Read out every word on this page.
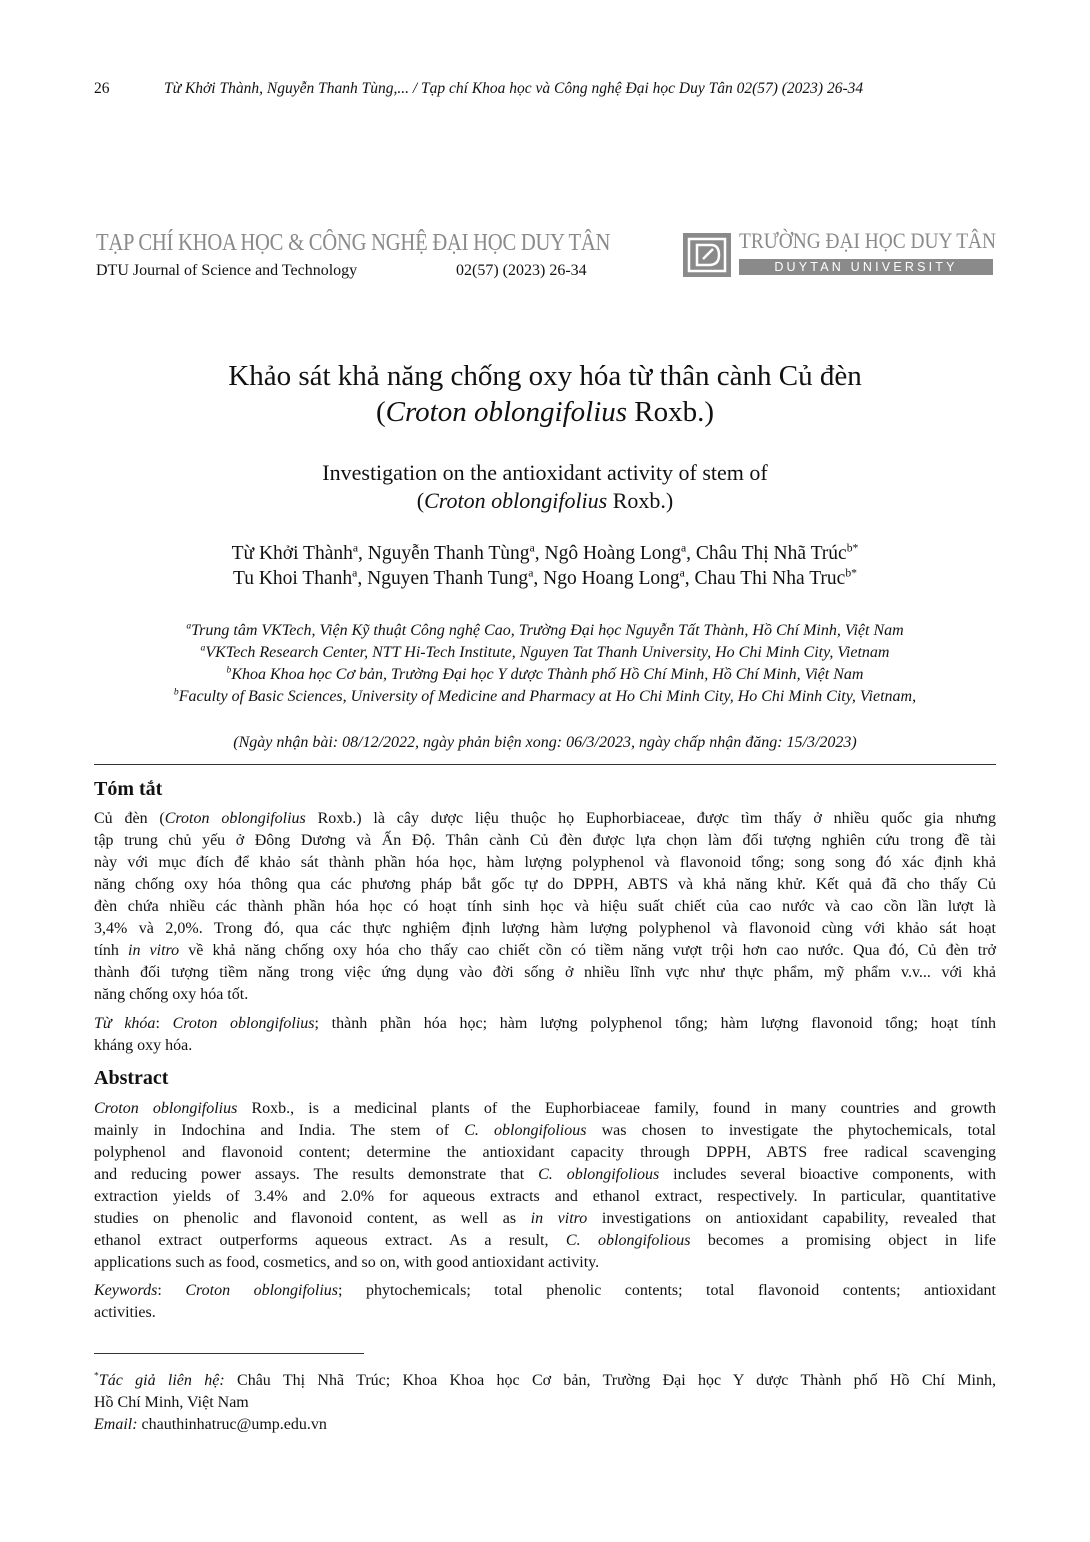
26	Từ Khởi Thành, Nguyễn Thanh Tùng,... / Tạp chí Khoa học và Công nghệ Đại học Duy Tân 02(57) (2023) 26-34
TẠP CHÍ KHOA HỌC & CÔNG NGHỆ ĐẠI HỌC DUY TÂN
DTU Journal of Science and Technology	02(57) (2023) 26-34
TRƯỜNG ĐẠI HỌC DUY TÂN
DUYTAN UNIVERSITY
Khảo sát khả năng chống oxy hóa từ thân cành Củ đèn
(Croton oblongifolius Roxb.)
Investigation on the antioxidant activity of stem of
(Croton oblongifolius Roxb.)
Từ Khởi Thành$^a$, Nguyễn Thanh Tùng$^a$, Ngô Hoàng Long$^a$, Châu Thị Nhã Trúc$^{b*}$
Tu Khoi Thanh$^a$, Nguyen Thanh Tung$^a$, Ngo Hoang Long$^a$, Chau Thi Nha Truc$^{b*}$
$^a$Trung tâm VKTech, Viện Kỹ thuật Công nghệ Cao, Trường Đại học Nguyễn Tất Thành, Hồ Chí Minh, Việt Nam
$^a$VKTech Research Center, NTT Hi-Tech Institute, Nguyen Tat Thanh University, Ho Chi Minh City, Vietnam
$^b$Khoa Khoa học Cơ bản, Trường Đại học Y dược Thành phố Hồ Chí Minh, Hồ Chí Minh, Việt Nam
$^b$Faculty of Basic Sciences, University of Medicine and Pharmacy at Ho Chi Minh City, Ho Chi Minh City, Vietnam,
(Ngày nhận bài: 08/12/2022, ngày phản biện xong: 06/3/2023, ngày chấp nhận đăng: 15/3/2023)
Tóm tắt
Củ đèn (Croton oblongifolius Roxb.) là cây dược liệu thuộc họ Euphorbiaceae, được tìm thấy ở nhiều quốc gia nhưng
tập trung chủ yếu ở Đông Dương và Ấn Độ. Thân cành Củ đèn được lựa chọn làm đối tượng nghiên cứu trong đề tài
này với mục đích để khảo sát thành phần hóa học, hàm lượng polyphenol và flavonoid tổng; song song đó xác định khả
năng chống oxy hóa thông qua các phương pháp bắt gốc tự do DPPH, ABTS và khả năng khử. Kết quả đã cho thấy Củ
đèn chứa nhiều các thành phần hóa học có hoạt tính sinh học và hiệu suất chiết của cao nước và cao cồn lần lượt là
3,4% và 2,0%. Trong đó, qua các thực nghiệm định lượng hàm lượng polyphenol và flavonoid cùng với khảo sát hoạt
tính in vitro về khả năng chống oxy hóa cho thấy cao chiết cồn có tiềm năng vượt trội hơn cao nước. Qua đó, Củ đèn trở
thành đối tượng tiềm năng trong việc ứng dụng vào đời sống ở nhiều lĩnh vực như thực phẩm, mỹ phẩm v.v... với khả
năng chống oxy hóa tốt.
Từ khóa: Croton oblongifolius; thành phần hóa học; hàm lượng polyphenol tổng; hàm lượng flavonoid tổng; hoạt tính
kháng oxy hóa.
Abstract
Croton oblongifolius Roxb., is a medicinal plants of the Euphorbiaceae family, found in many countries and growth
mainly in Indochina and India. The stem of C. oblongifolious was chosen to investigate the phytochemicals, total
polyphenol and flavonoid content; determine the antioxidant capacity through DPPH, ABTS free radical scavenging
and reducing power assays. The results demonstrate that C. oblongifolious includes several bioactive components, with
extraction yields of 3.4% and 2.0% for aqueous extracts and ethanol extract, respectively. In particular, quantitative
studies on phenolic and flavonoid content, as well as in vitro investigations on antioxidant capability, revealed that
ethanol extract outperforms aqueous extract. As a result, C. oblongifolious becomes a promising object in life
applications such as food, cosmetics, and so on, with good antioxidant activity.
Keywords: Croton oblongifolius; phytochemicals; total phenolic contents; total flavonoid contents; antioxidant
activities.
*Tác giả liên hệ: Châu Thị Nhã Trúc; Khoa Khoa học Cơ bản, Trường Đại học Y dược Thành phố Hồ Chí Minh,
Hồ Chí Minh, Việt Nam
Email: chauthinhatruc@ump.edu.vn
